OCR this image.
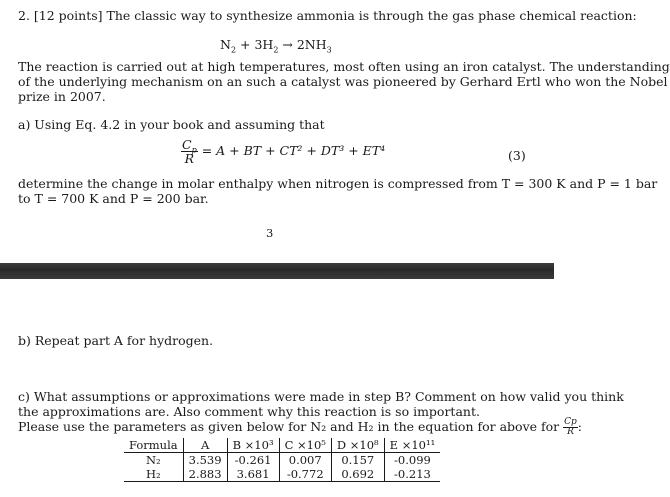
2. [12 points] The classic way to synthesize ammonia is through the gas phase chemical reaction:
$N_2 + 3H_2 \to 2NH_3$
The reaction is carried out at high temperatures, most often using an iron catalyst. The understanding
of the underlying mechanism on an such a catalyst was pioneered by Gerhard Ertl who won the Nobel
prize in 2007.
a) Using Eq. 4.2 in your book and assuming that
$\frac{C_p}{R} = A$ + BT + CT² + DT³ + ET⁴	(3)
determine the change in molar enthalpy when nitrogen is compressed from T = 300 K and P = 1 bar
to T = 700 K and P = 200 bar.
3
b) Repeat part A for hydrogen.
c) What assumptions or approximations were made in step B? Comment on how valid you think
the approximations are. Also comment why this reaction is so important.
Please use the parameters as given below for N₂ and H₂ in the equation for above for $\frac{Cp}{R}$ :
Formula	A	B ×10³	C ×10⁵	D ×10⁸	E ×10¹¹
N₂	3.539	-0.261	0.007	0.157	-0.099
H₂	2.883	3.681	-0.772	0.692	-0.213
